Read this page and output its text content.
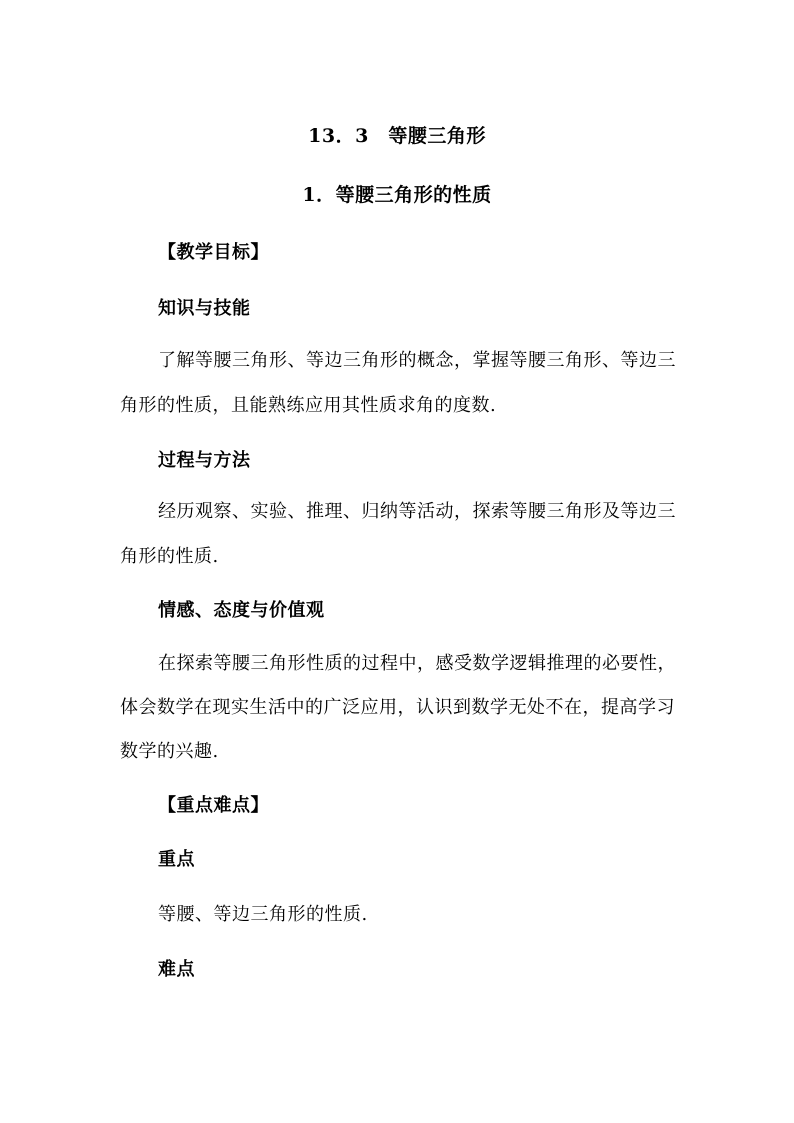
13．3　等腰三角形
1．等腰三角形的性质
【教学目标】
知识与技能
了解等腰三角形、等边三角形的概念，掌握等腰三角形、等边三
角形的性质，且能熟练应用其性质求角的度数.
过程与方法
经历观察、实验、推理、归纳等活动，探索等腰三角形及等边三
角形的性质.
情感、态度与价值观
在探索等腰三角形性质的过程中，感受数学逻辑推理的必要性，
体会数学在现实生活中的广泛应用，认识到数学无处不在，提高学习
数学的兴趣.
【重点难点】
重点
等腰、等边三角形的性质.
难点
